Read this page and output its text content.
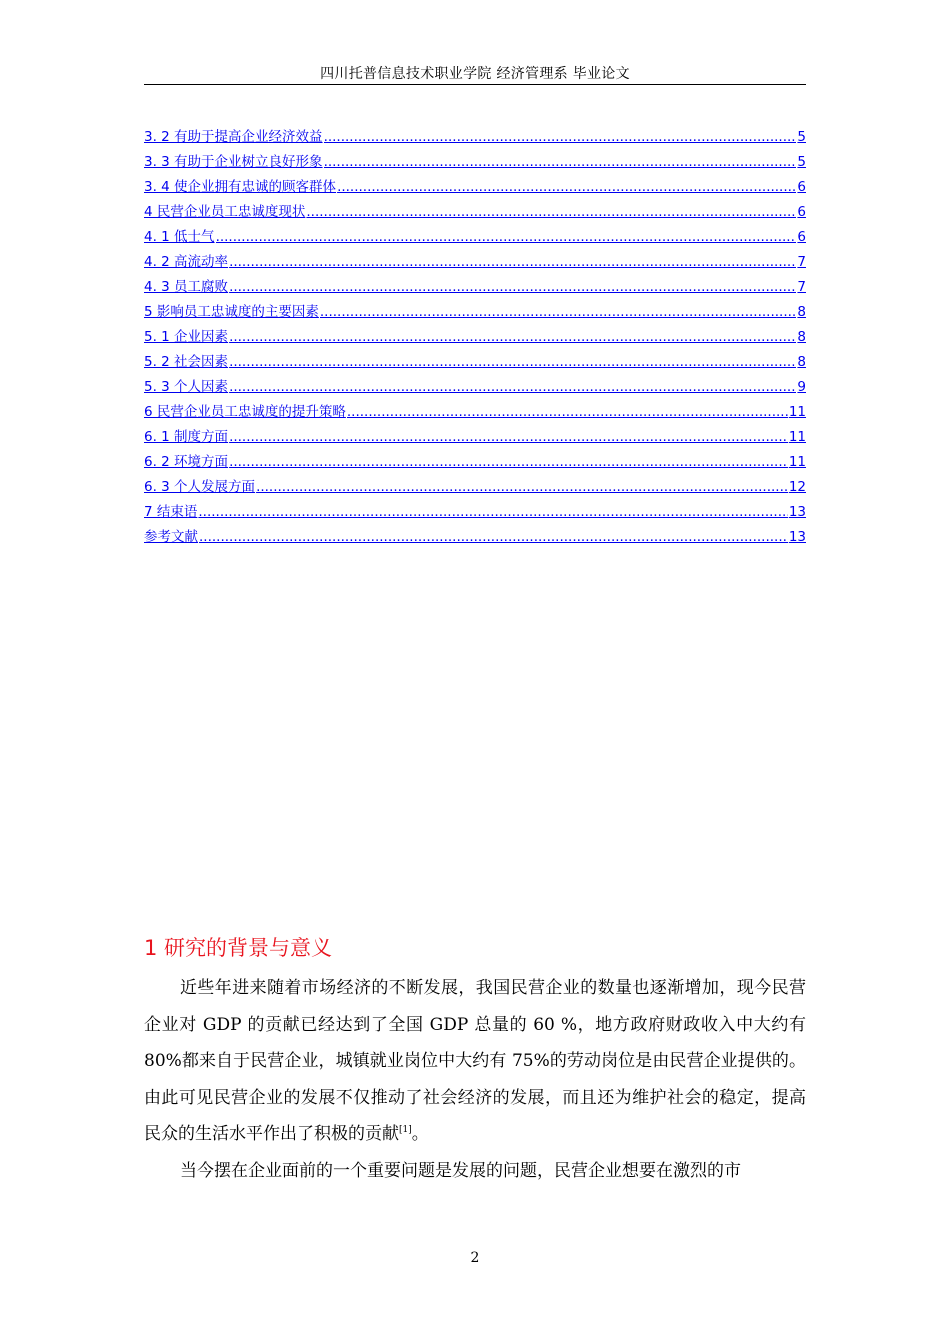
四川托普信息技术职业学院 经济管理系 毕业论文
3. 2 有助于提高企业经济效益 .....	5
3. 3 有助于企业树立良好形象 .....	5
3. 4 使企业拥有忠诚的顾客群体 .....	6
4 民营企业员工忠诚度现状 .....	6
4. 1 低士气 .....	6
4. 2 高流动率 .....	7
4. 3 员工腐败 .....	7
5 影响员工忠诚度的主要因素 .....	8
5. 1 企业因素 .....	8
5. 2 社会因素 .....	8
5. 3 个人因素 .....	9
6 民营企业员工忠诚度的提升策略 .....	11
6. 1 制度方面 .....	11
6. 2 环境方面 .....	11
6. 3 个人发展方面 .....	12
7 结束语 .....	13
参考文献 .....	13
1 研究的背景与意义

近些年进来随着市场经济的不断发展，我国民营企业的数量也逐渐增加，现今民营企业对 GDP 的贡献已经达到了全国 GDP 总量的 60 %，地方政府财政收入中大约有 80%都来自于民营企业，城镇就业岗位中大约有 75%的劳动岗位是由民营企业提供的。由此可见民营企业的发展不仅推动了社会经济的发展，而且还为维护社会的稳定，提高民众的生活水平作出了积极的贡献[1]。

当今摆在企业面前的一个重要问题是发展的问题，民营企业想要在激烈的市

2
